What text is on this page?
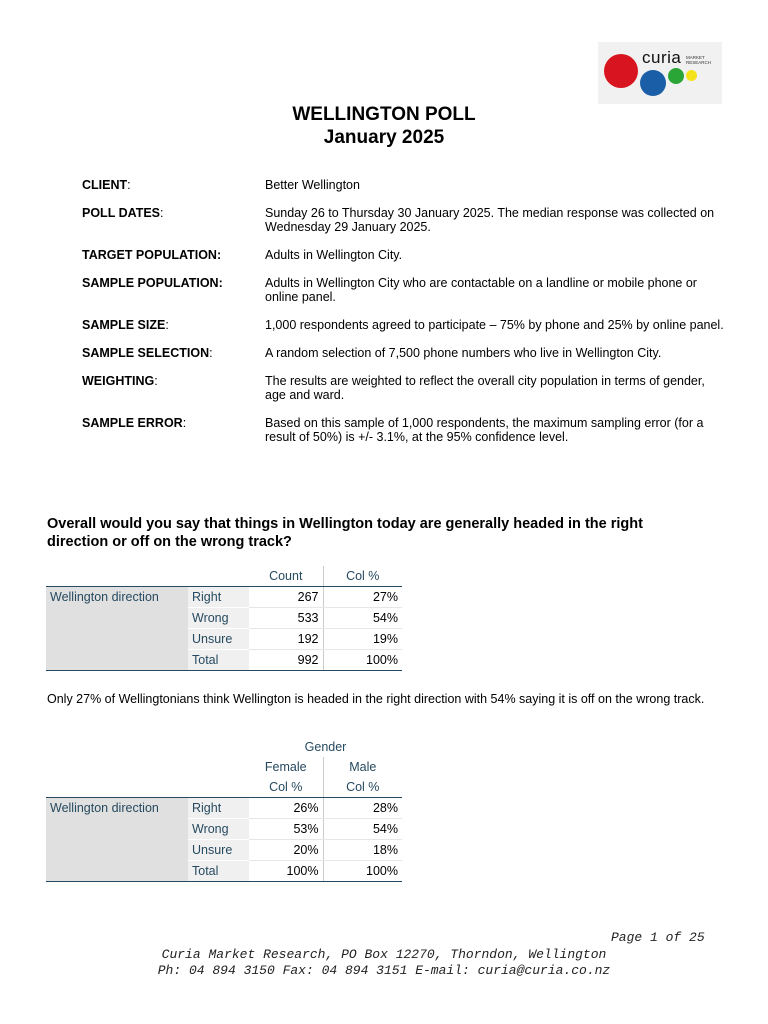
curia MARKET RESEARCH
WELLINGTON POLL
January 2025
CLIENT:	Better Wellington
POLL DATES:	Sunday 26 to Thursday 30 January 2025. The median response was collected on Wednesday 29 January 2025.
TARGET POPULATION:	Adults in Wellington City.
SAMPLE POPULATION:	Adults in Wellington City who are contactable on a landline or mobile phone or online panel.
SAMPLE SIZE:	1,000 respondents agreed to participate – 75% by phone and 25% by online panel.
SAMPLE SELECTION:	A random selection of 7,500 phone numbers who live in Wellington City.
WEIGHTING:	The results are weighted to reflect the overall city population in terms of gender, age and ward.
SAMPLE ERROR:	Based on this sample of 1,000 respondents, the maximum sampling error (for a result of 50%) is +/- 3.1%, at the 95% confidence level.
Overall would you say that things in Wellington today are generally headed in the right direction or off on the wrong track?
		Count	Col %
Wellington direction	Right	267	27%
	Wrong	533	54%
	Unsure	192	19%
	Total	992	100%
Only 27% of Wellingtonians think Wellington is headed in the right direction with 54% saying it is off on the wrong track.
		Gender	
		Female	Male
		Col %	Col %
Wellington direction	Right	26%	28%
	Wrong	53%	54%
	Unsure	20%	18%
	Total	100%	100%
Page 1 of 25
Curia Market Research, PO Box 12270, Thorndon, Wellington
Ph: 04 894 3150 Fax: 04 894 3151 E-mail: curia@curia.co.nz
